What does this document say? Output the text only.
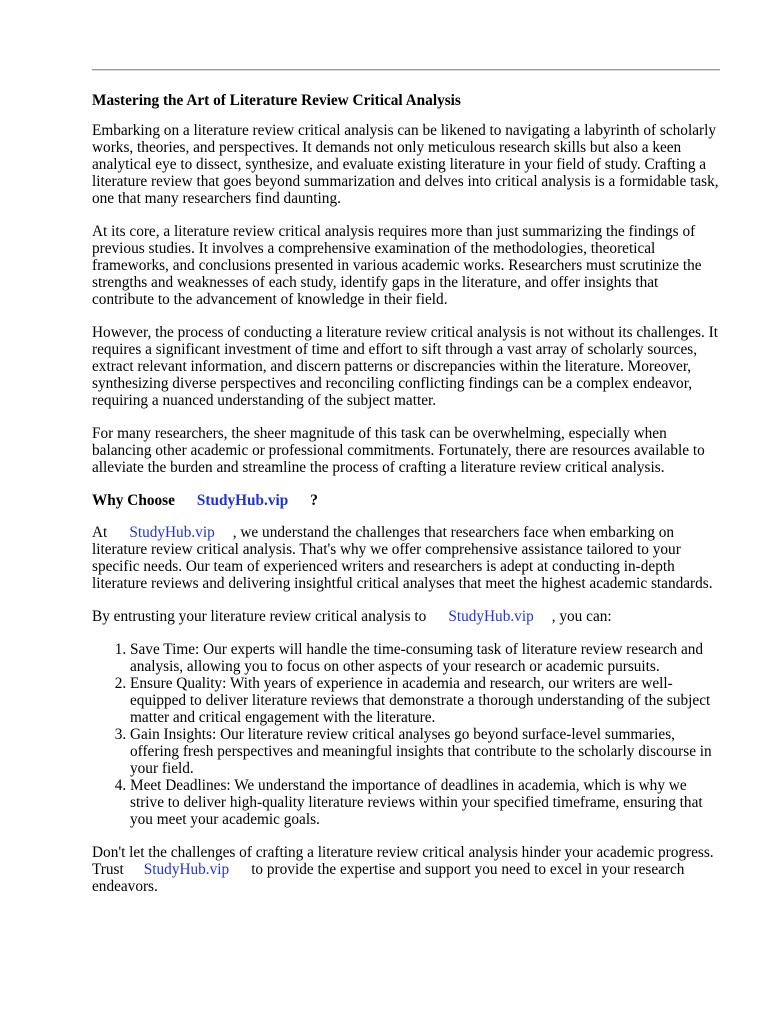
Mastering the Art of Literature Review Critical Analysis

Embarking on a literature review critical analysis can be likened to navigating a labyrinth of scholarly works, theories, and perspectives. It demands not only meticulous research skills but also a keen analytical eye to dissect, synthesize, and evaluate existing literature in your field of study. Crafting a literature review that goes beyond summarization and delves into critical analysis is a formidable task, one that many researchers find daunting.

At its core, a literature review critical analysis requires more than just summarizing the findings of previous studies. It involves a comprehensive examination of the methodologies, theoretical frameworks, and conclusions presented in various academic works. Researchers must scrutinize the strengths and weaknesses of each study, identify gaps in the literature, and offer insights that contribute to the advancement of knowledge in their field.

However, the process of conducting a literature review critical analysis is not without its challenges. It requires a significant investment of time and effort to sift through a vast array of scholarly sources, extract relevant information, and discern patterns or discrepancies within the literature. Moreover, synthesizing diverse perspectives and reconciling conflicting findings can be a complex endeavor, requiring a nuanced understanding of the subject matter.

For many researchers, the sheer magnitude of this task can be overwhelming, especially when balancing other academic or professional commitments. Fortunately, there are resources available to alleviate the burden and streamline the process of crafting a literature review critical analysis.

Why Choose StudyHub.vip ?

At StudyHub.vip , we understand the challenges that researchers face when embarking on literature review critical analysis. That's why we offer comprehensive assistance tailored to your specific needs. Our team of experienced writers and researchers is adept at conducting in-depth literature reviews and delivering insightful critical analyses that meet the highest academic standards.

By entrusting your literature review critical analysis to StudyHub.vip , you can:

1. Save Time: Our experts will handle the time-consuming task of literature review research and analysis, allowing you to focus on other aspects of your research or academic pursuits.
2. Ensure Quality: With years of experience in academia and research, our writers are well-equipped to deliver literature reviews that demonstrate a thorough understanding of the subject matter and critical engagement with the literature.
3. Gain Insights: Our literature review critical analyses go beyond surface-level summaries, offering fresh perspectives and meaningful insights that contribute to the scholarly discourse in your field.
4. Meet Deadlines: We understand the importance of deadlines in academia, which is why we strive to deliver high-quality literature reviews within your specified timeframe, ensuring that you meet your academic goals.

Don't let the challenges of crafting a literature review critical analysis hinder your academic progress. Trust StudyHub.vip to provide the expertise and support you need to excel in your research endeavors.
